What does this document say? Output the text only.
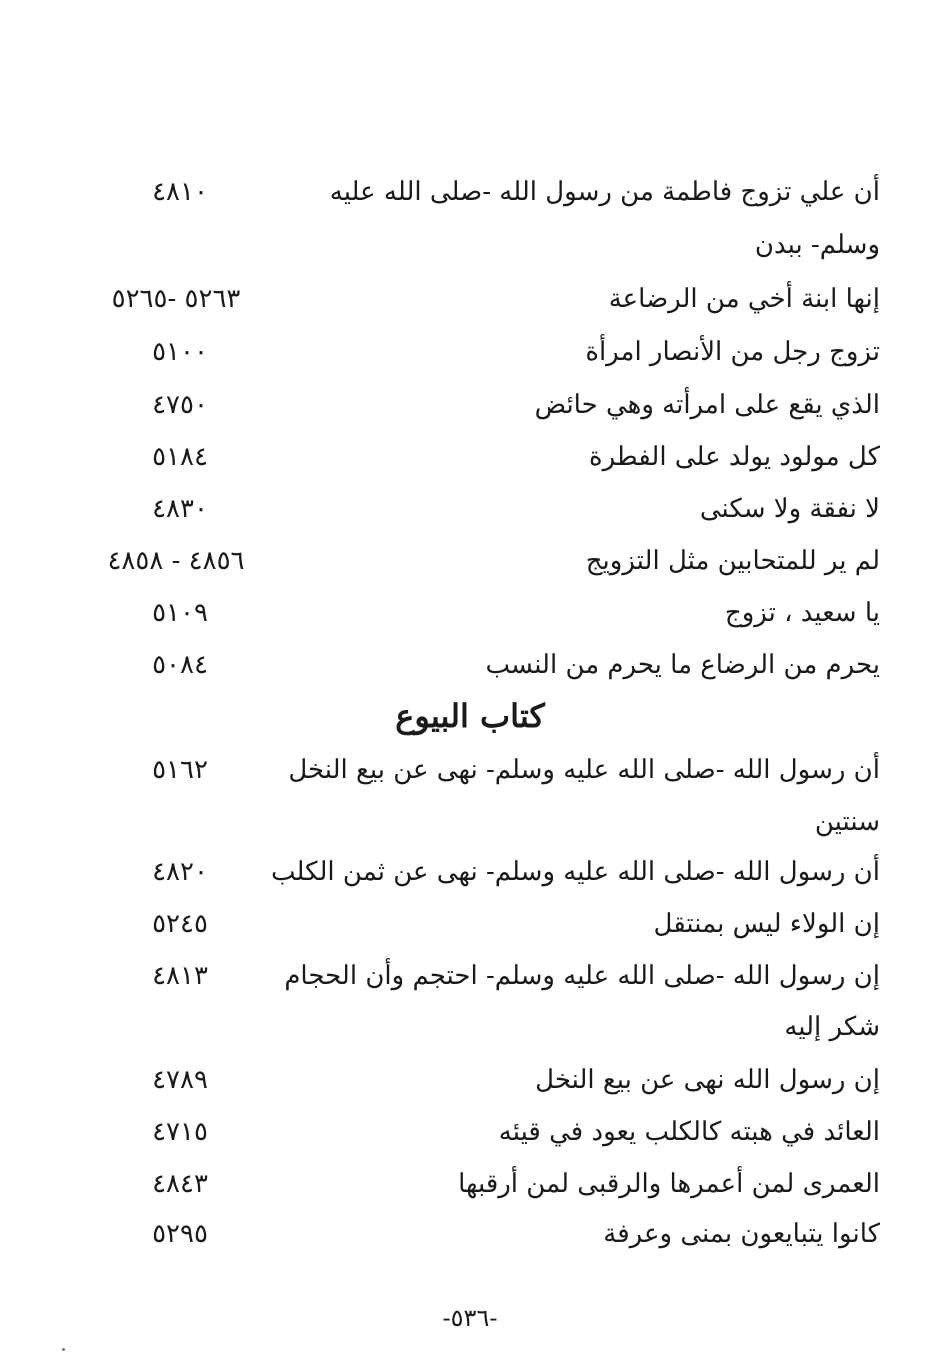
أن علي تزوج فاطمة من رسول الله -صلى الله عليه
٤٨١٠
وسلم- ببدن
إنها ابنة أخي من الرضاعة
٥٢٦٣ -٥٢٦٥
تزوج رجل من الأنصار امرأة
٥١٠٠
الذي يقع على امرأته وهي حائض
٤٧٥٠
كل مولود يولد على الفطرة
٥١٨٤
لا نفقة ولا سكنى
٤٨٣٠
لم ير للمتحابين مثل التزويج
٤٨٥٦ - ٤٨٥٨
يا سعيد ، تزوج
٥١٠٩
يحرم من الرضاع ما يحرم من النسب
٥٠٨٤
كتاب البيوع
أن رسول الله -صلى الله عليه وسلم- نهى عن بيع النخل
٥١٦٢
سنتين
أن رسول الله -صلى الله عليه وسلم- نهى عن ثمن الكلب
٤٨٢٠
إن الولاء ليس بمنتقل
٥٢٤٥
إن رسول الله -صلى الله عليه وسلم- احتجم وأن الحجام
٤٨١٣
شكر إليه
إن رسول الله نهى عن بيع النخل
٤٧٨٩
العائد في هبته كالكلب يعود في قيئه
٤٧١٥
العمرى لمن أعمرها والرقبى لمن أرقبها
٤٨٤٣
كانوا يتبايعون بمنى وعرفة
٥٢٩٥
-٥٣٦-
